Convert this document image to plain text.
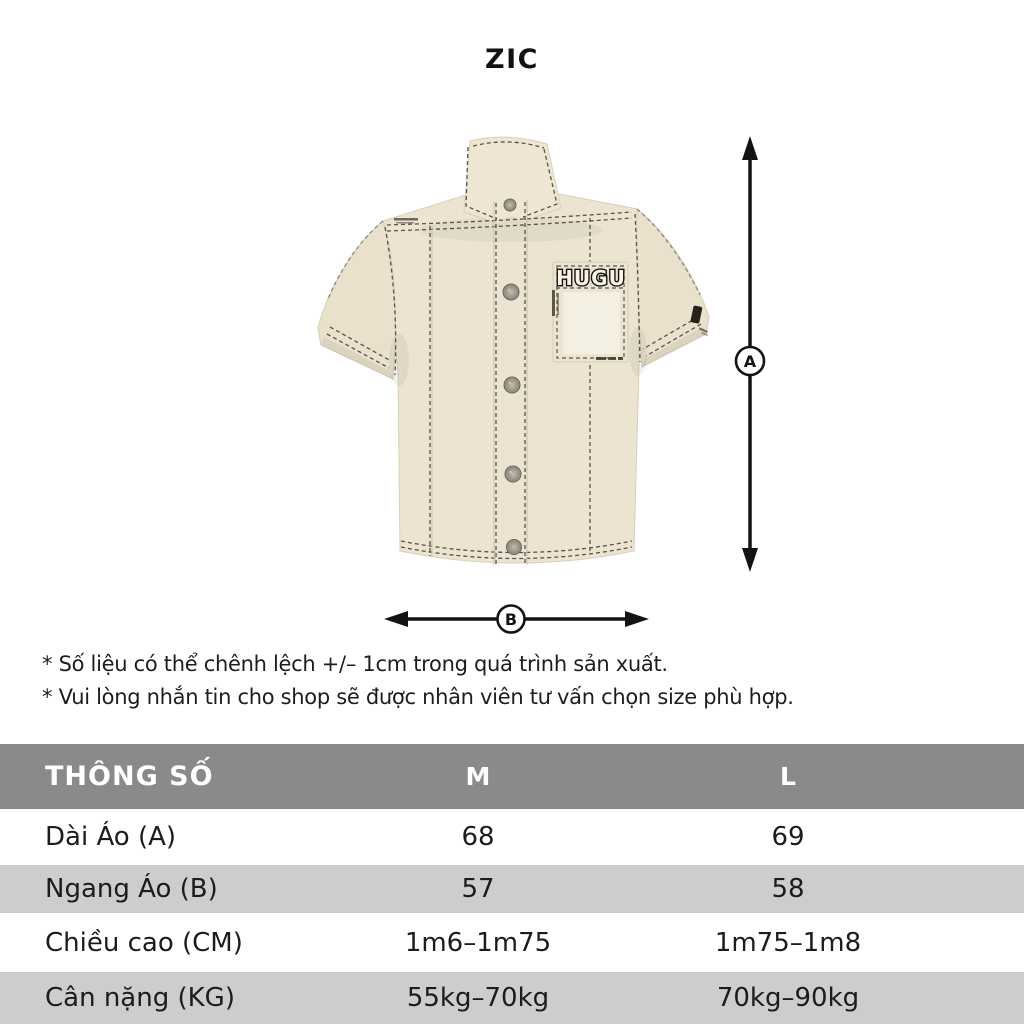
ZIC
HUGU
A
B

* Số liệu có thể chênh lệch +/– 1cm trong quá trình sản xuất.

* Vui lòng nhắn tin cho shop sẽ được nhân viên tư vấn chọn size phù hợp.

THÔNG SỐ	M	L
Dài Áo (A)	68	69
Ngang Áo (B)	57	58
Chiều cao (CM)	1m6–1m75	1m75–1m8
Cân nặng (KG)	55kg–70kg	70kg–90kg
